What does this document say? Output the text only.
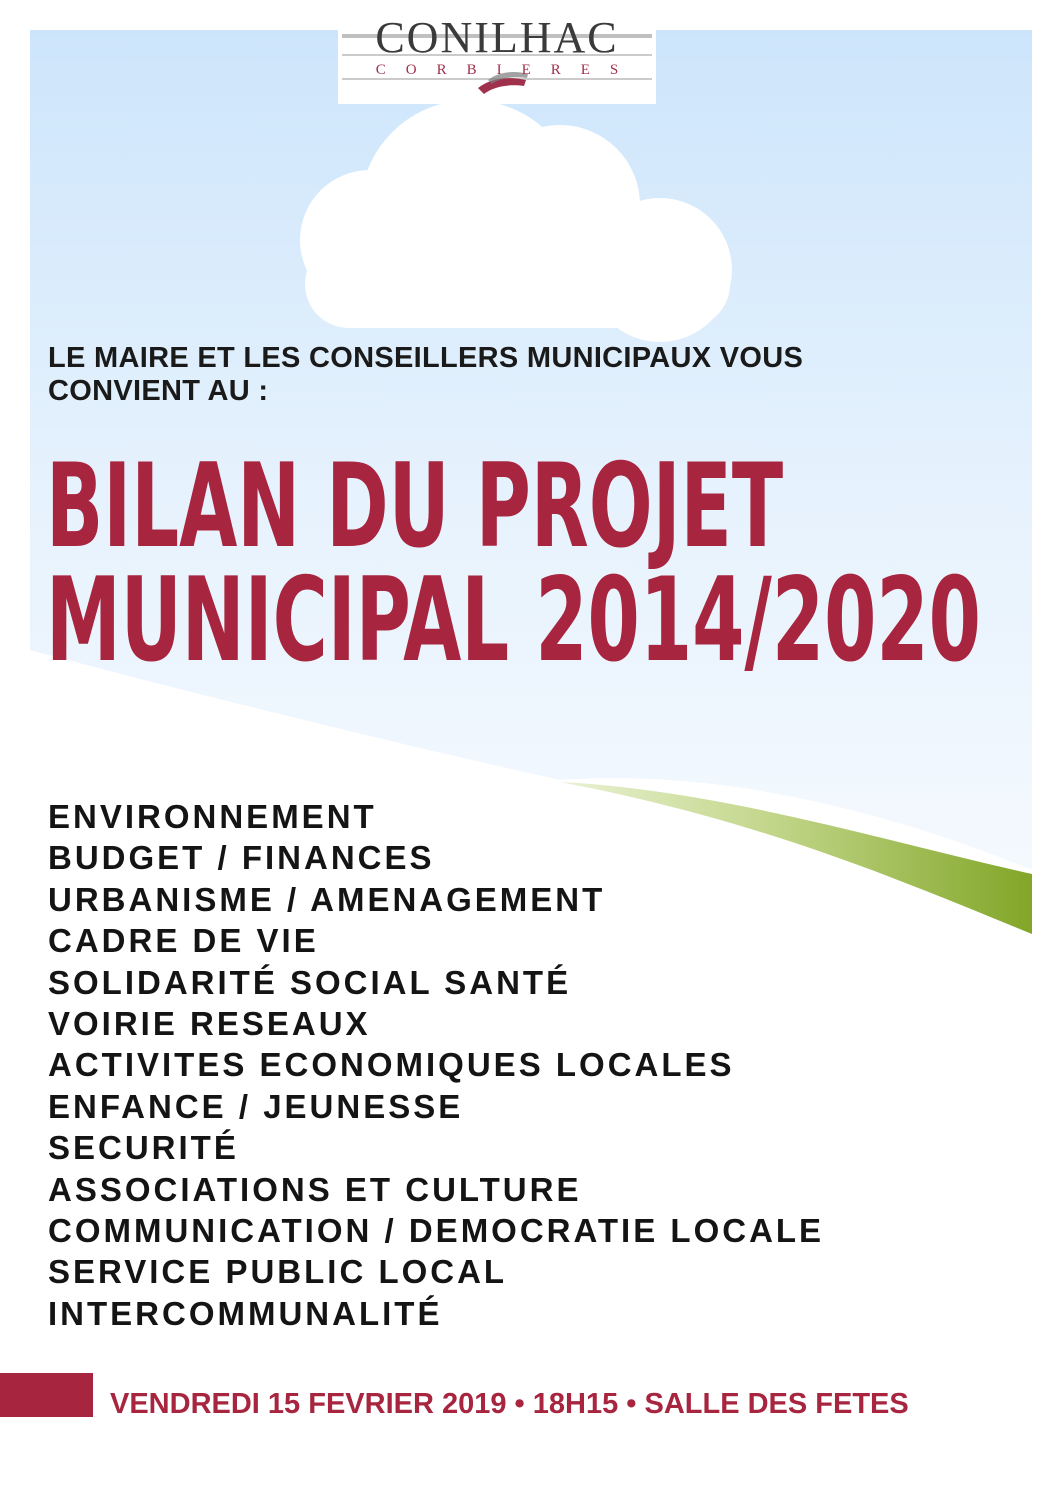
CONILHAC
CORBIERES
LE MAIRE ET LES CONSEILLERS MUNICIPAUX VOUS CONVIENT AU :
BILAN DU PROJET
MUNICIPAL 2014/2020
ENVIRONNEMENT
BUDGET / FINANCES
URBANISME / AMENAGEMENT
CADRE DE VIE
SOLIDARITÉ SOCIAL SANTÉ
VOIRIE RESEAUX
ACTIVITES ECONOMIQUES LOCALES
ENFANCE / JEUNESSE
SECURITÉ
ASSOCIATIONS ET CULTURE
COMMUNICATION / DEMOCRATIE LOCALE
SERVICE PUBLIC LOCAL
INTERCOMMUNALITÉ
VENDREDI 15 FEVRIER 2019 • 18H15 • SALLE DES FETES
